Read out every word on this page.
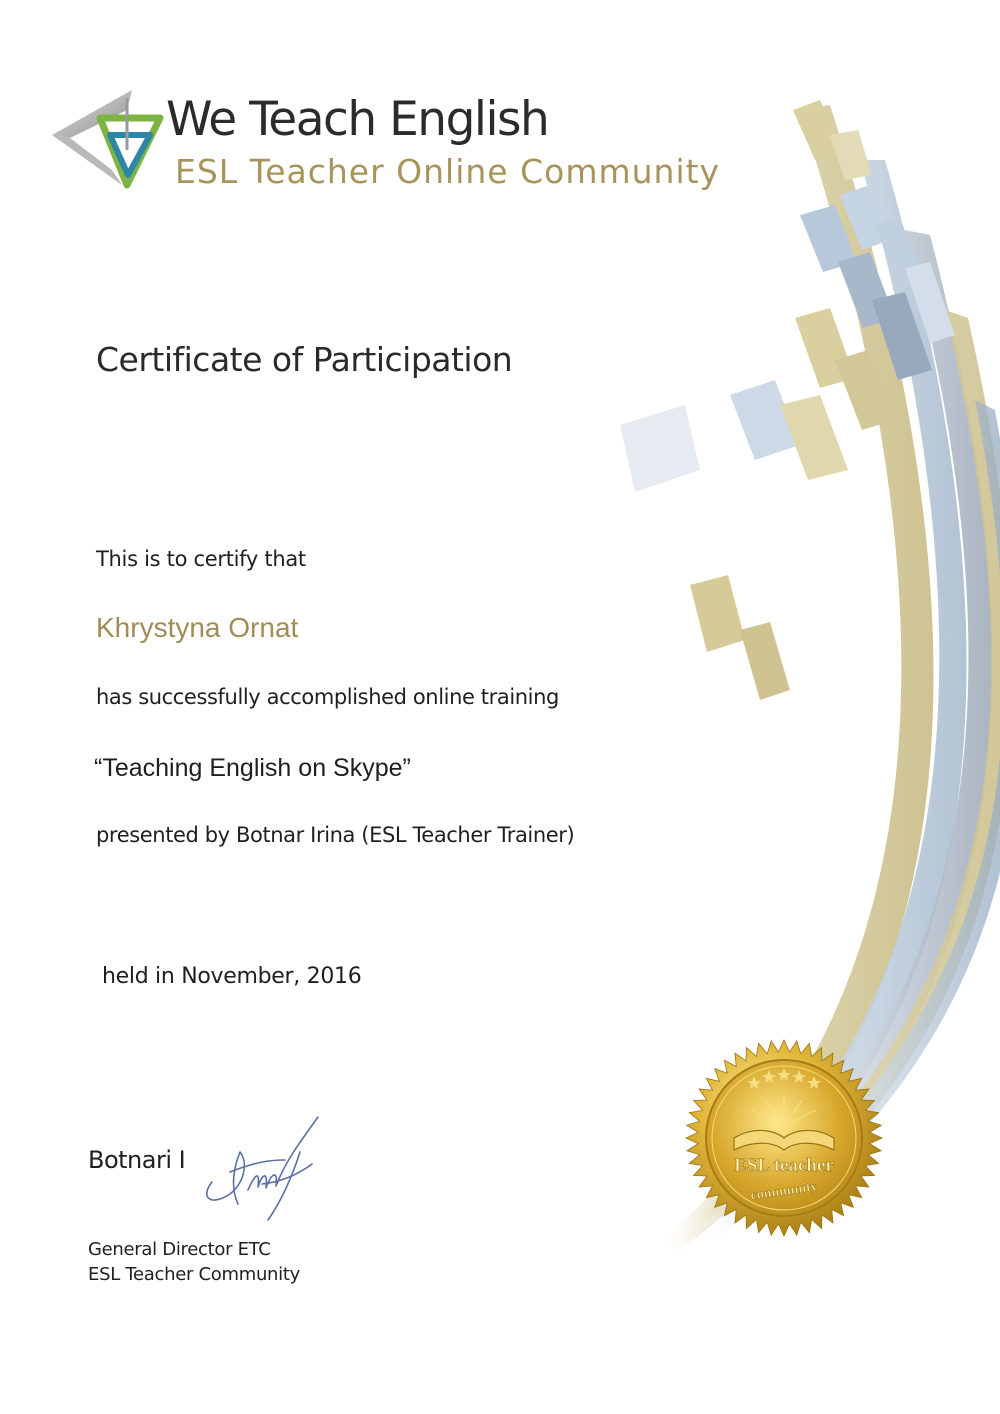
We Teach English
ESL Teacher Online Community
Certificate of Participation
This is to certify that
Khrystyna Ornat
has successfully accomplished online training
“Teaching English on Skype”
presented by Botnar Irina (ESL Teacher Trainer)
held in November, 2016
Botnari I
General Director ETC
ESL Teacher Community
ESL teacher
community
